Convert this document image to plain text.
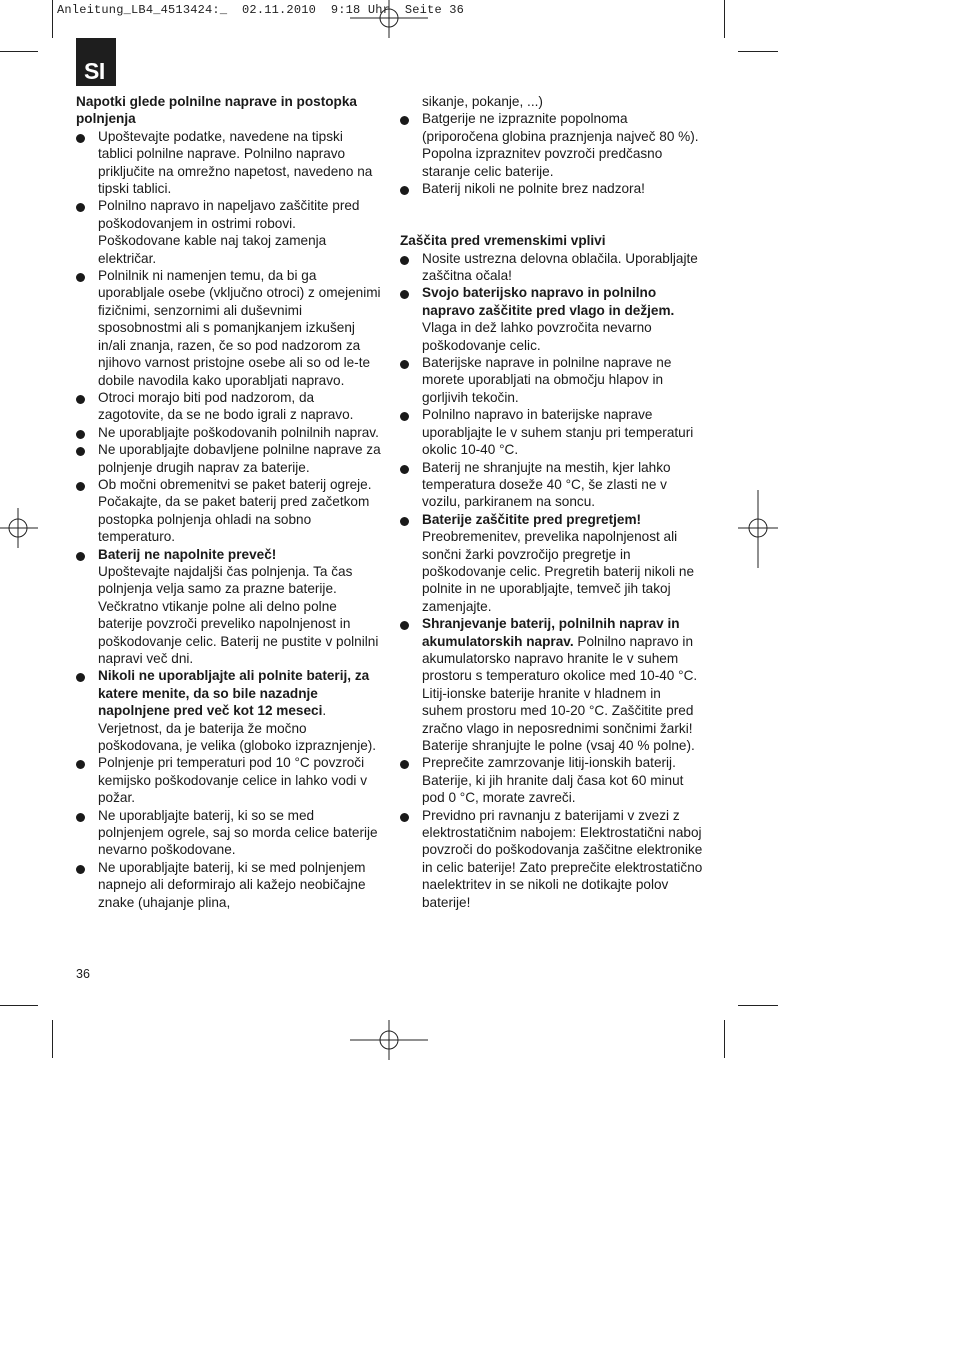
Anleitung_LB4_4513424:_  02.11.2010  9:18 Uhr  Seite 36
SI

Napotki glede polnilne naprave in postopka polnjenja

Upoštevajte podatke, navedene na tipski tablici polnilne naprave. Polnilno napravo priključite na omrežno napetost, navedeno na tipski tablici.
Polnilno napravo in napeljavo zaščitite pred poškodovanjem in ostrimi robovi. Poškodovane kable naj takoj zamenja električar.
Polnilnik ni namenjen temu, da bi ga uporabljale osebe (vključno otroci) z omejenimi fizičnimi, senzornimi ali duševnimi sposobnostmi ali s pomanjkanjem izkušenj in/ali znanja, razen, če so pod nadzorom za njihovo varnost pristojne osebe ali so od le-te dobile navodila kako uporabljati napravo.
Otroci morajo biti pod nadzorom, da zagotovite, da se ne bodo igrali z napravo.
Ne uporabljajte poškodovanih polnilnih naprav.
Ne uporabljajte dobavljene polnilne naprave za polnjenje drugih naprav za baterije.
Ob močni obremenitvi se paket baterij ogreje. Počakajte, da se paket baterij pred začetkom postopka polnjenja ohladi na sobno temperaturo.
Baterij ne napolnite preveč!
Upoštevajte najdaljši čas polnjenja. Ta čas polnjenja velja samo za prazne baterije. Večkratno vtikanje polne ali delno polne baterije povzroči preveliko napolnjenost in poškodovanje celic. Baterij ne pustite v polnilni napravi več dni.
Nikoli ne uporabljajte ali polnite baterij, za katere menite, da so bile nazadnje napolnjene pred več kot 12 meseci. Verjetnost, da je baterija že močno poškodovana, je velika (globoko izpraznjenje).
Polnjenje pri temperaturi pod 10 °C povzroči kemijsko poškodovanje celice in lahko vodi v požar.
Ne uporabljajte baterij, ki so se med polnjenjem ogrele, saj so morda celice baterije nevarno poškodovane.
Ne uporabljajte baterij, ki se med polnjenjem napnejo ali deformirajo ali kažejo neobičajne znake (uhajanje plina,

sikanje, pokanje, ...)

Batgerije ne izpraznite popolnoma (priporočena globina praznjenja največ 80 %). Popolna izpraznitev povzroči predčasno staranje celic baterije.
Baterij nikoli ne polnite brez nadzora!

Zaščita pred vremenskimi vplivi

Nosite ustrezna delovna oblačila. Uporabljajte zaščitna očala!
Svojo baterijsko napravo in polnilno napravo zaščitite pred vlago in dežjem. Vlaga in dež lahko povzročita nevarno poškodovanje celic.
Baterijske naprave in polnilne naprave ne morete uporabljati na območju hlapov in gorljivih tekočin.
Polnilno napravo in baterijske naprave uporabljajte le v suhem stanju pri temperaturi okolic 10-40 °C.
Baterij ne shranjujte na mestih, kjer lahko temperatura doseže 40 °C, še zlasti ne v vozilu, parkiranem na soncu.
Baterije zaščitite pred pregretjem!
Preobremenitev, prevelika napolnjenost ali sončni žarki povzročijo pregretje in poškodovanje celic. Pregretih baterij nikoli ne polnite in ne uporabljajte, temveč jih takoj zamenjajte.
Shranjevanje baterij, polnilnih naprav in akumulatorskih naprav. Polnilno napravo in akumulatorsko napravo hranite le v suhem prostoru s temperaturo okolice med 10-40 °C. Litij-ionske baterije hranite v hladnem in suhem prostoru med 10-20 °C. Zaščitite pred zračno vlago in neposrednimi sončnimi žarki! Baterije shranjujte le polne (vsaj 40 % polne).
Preprečite zamrzovanje litij-ionskih baterij. Baterije, ki jih hranite dalj časa kot 60 minut pod 0 °C, morate zavreči.
Previdno pri ravnanju z baterijami v zvezi z elektrostatičnim nabojem: Elektrostatični naboj povzroči do poškodovanja zaščitne elektronike in celic baterije! Zato preprečite elektrostatično naelektritev in se nikoli ne dotikajte polov baterije!
36
